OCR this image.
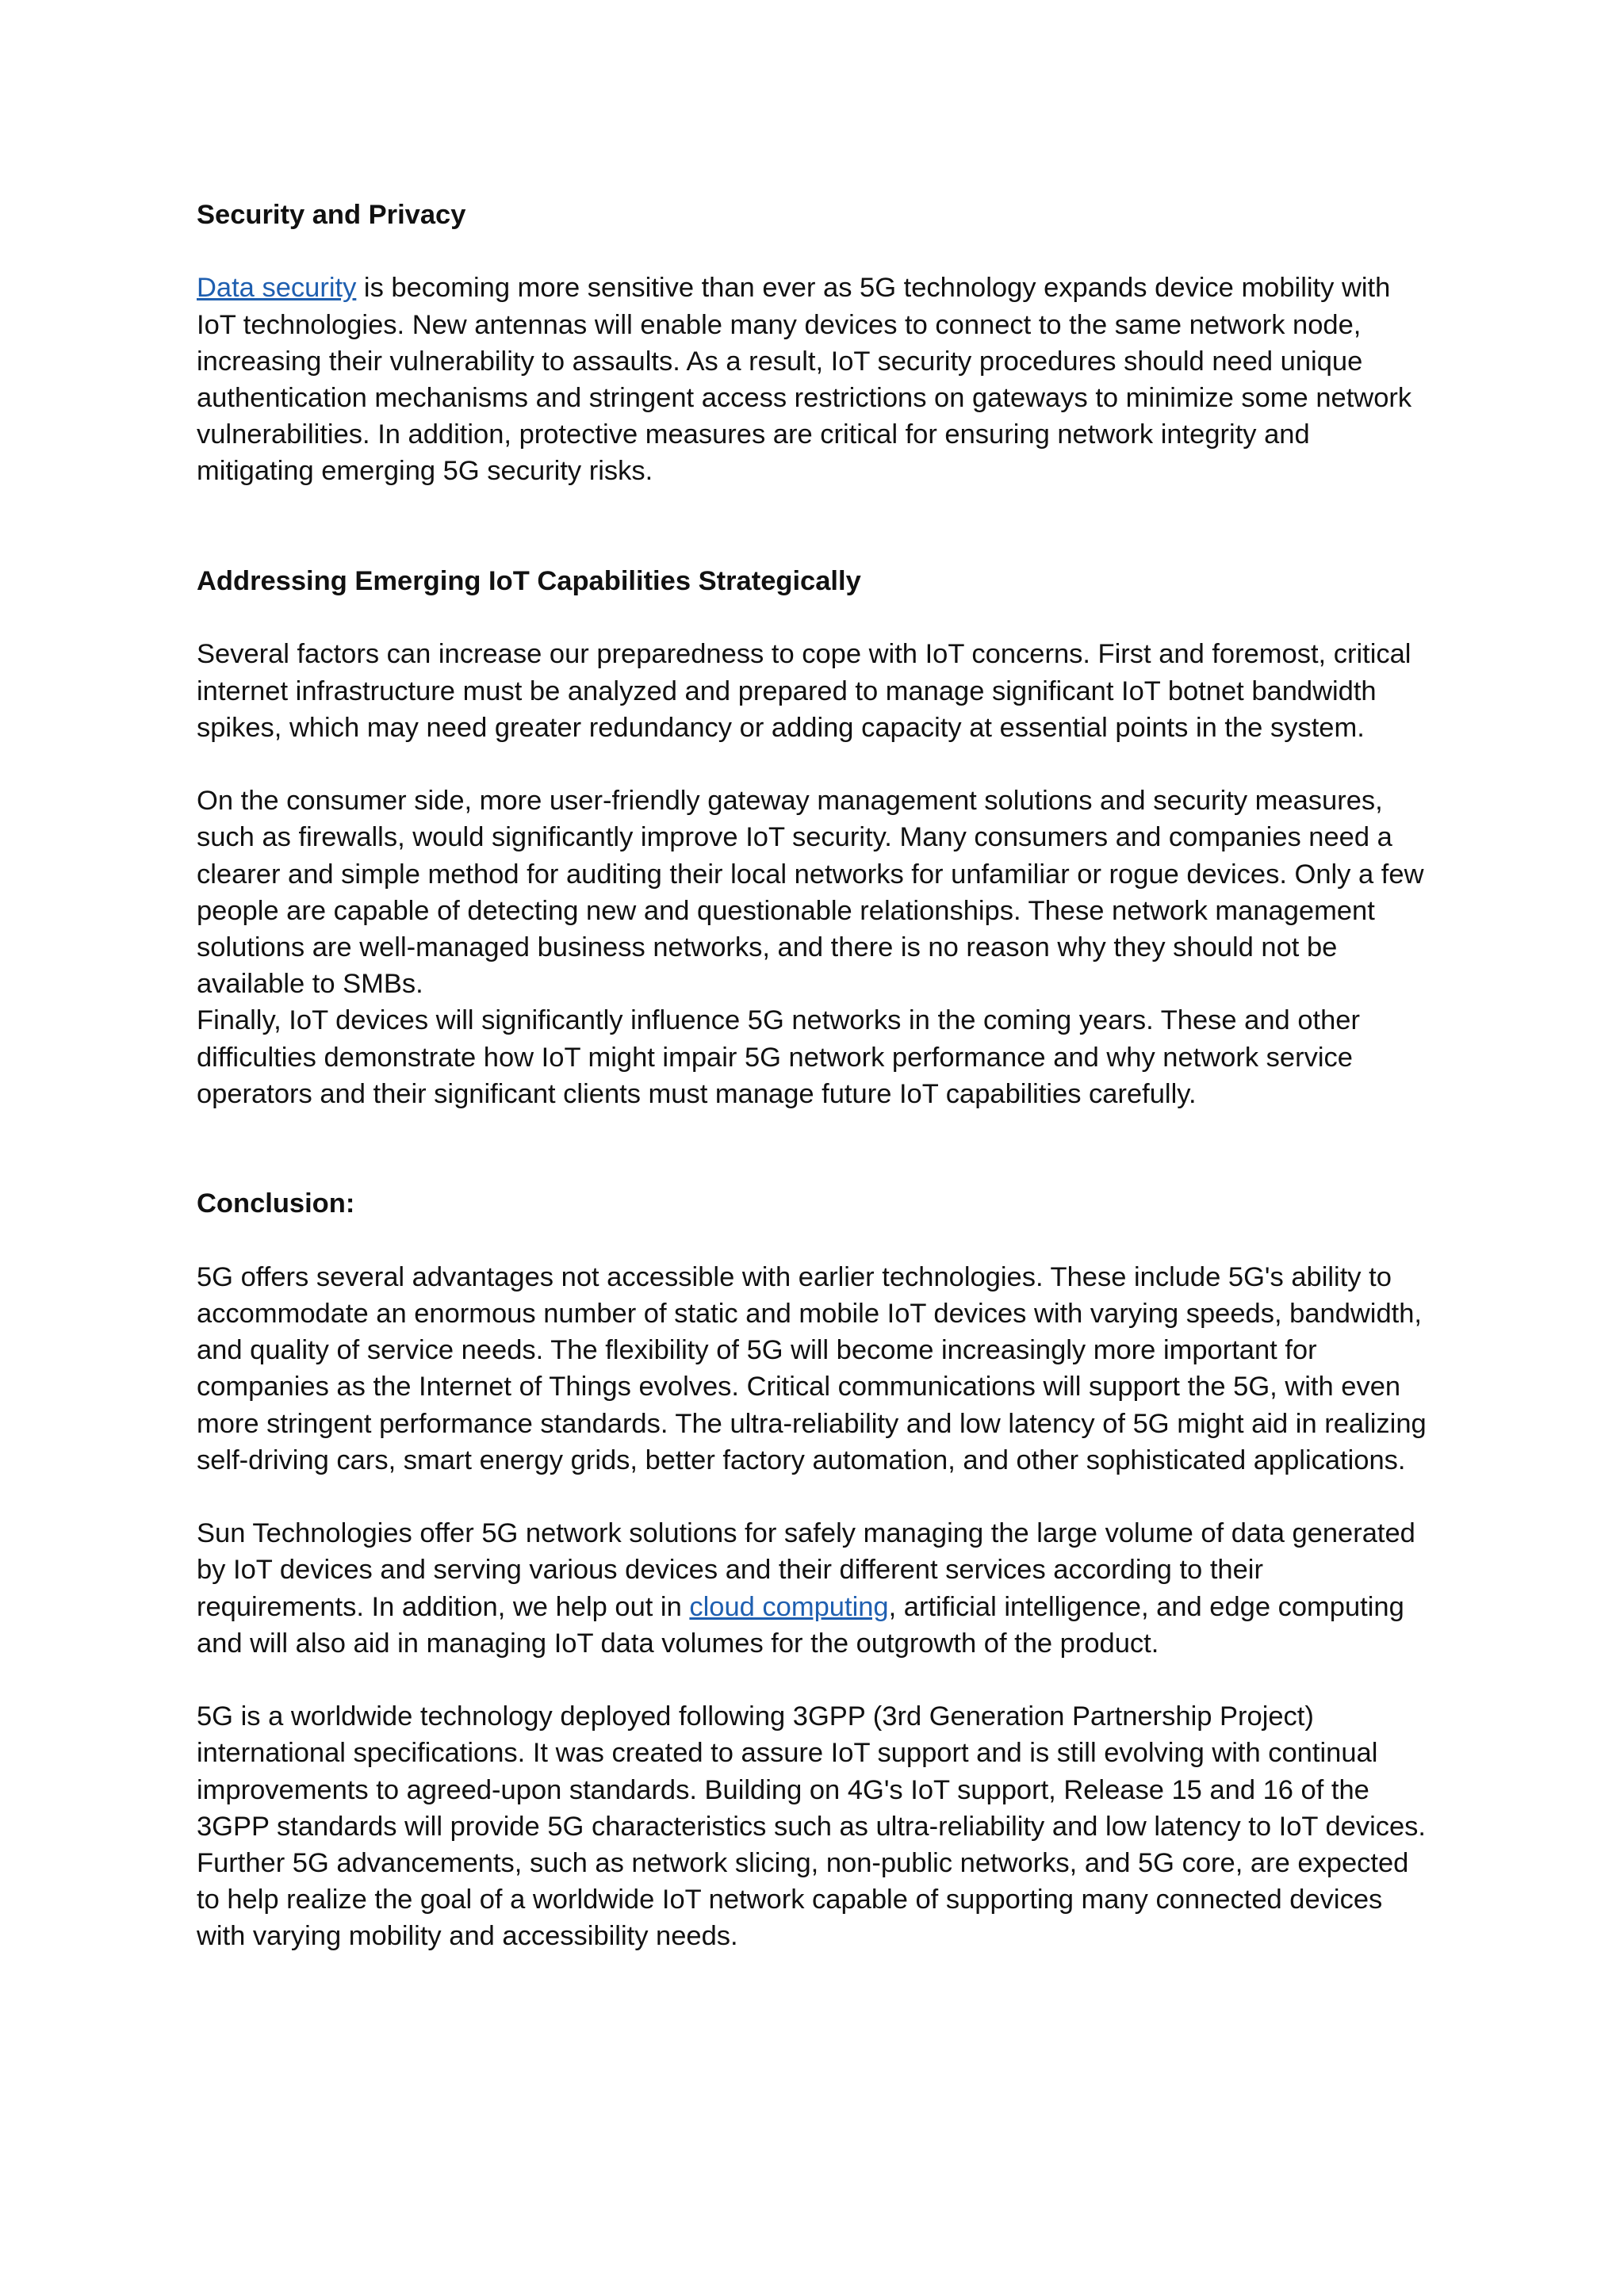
Security and Privacy

Data security is becoming more sensitive than ever as 5G technology expands device mobility with IoT technologies. New antennas will enable many devices to connect to the same network node, increasing their vulnerability to assaults. As a result, IoT security procedures should need unique authentication mechanisms and stringent access restrictions on gateways to minimize some network vulnerabilities. In addition, protective measures are critical for ensuring network integrity and mitigating emerging 5G security risks.

Addressing Emerging IoT Capabilities Strategically

Several factors can increase our preparedness to cope with IoT concerns. First and foremost, critical internet infrastructure must be analyzed and prepared to manage significant IoT botnet bandwidth spikes, which may need greater redundancy or adding capacity at essential points in the system.

On the consumer side, more user-friendly gateway management solutions and security measures, such as firewalls, would significantly improve IoT security. Many consumers and companies need a clearer and simple method for auditing their local networks for unfamiliar or rogue devices. Only a few people are capable of detecting new and questionable relationships. These network management solutions are well-managed business networks, and there is no reason why they should not be available to SMBs.

Finally, IoT devices will significantly influence 5G networks in the coming years. These and other difficulties demonstrate how IoT might impair 5G network performance and why network service operators and their significant clients must manage future IoT capabilities carefully.

Conclusion:

5G offers several advantages not accessible with earlier technologies. These include 5G's ability to accommodate an enormous number of static and mobile IoT devices with varying speeds, bandwidth, and quality of service needs. The flexibility of 5G will become increasingly more important for companies as the Internet of Things evolves. Critical communications will support the 5G, with even more stringent performance standards. The ultra-reliability and low latency of 5G might aid in realizing self-driving cars, smart energy grids, better factory automation, and other sophisticated applications.

Sun Technologies offer 5G network solutions for safely managing the large volume of data generated by IoT devices and serving various devices and their different services according to their requirements. In addition, we help out in cloud computing, artificial intelligence, and edge computing and will also aid in managing IoT data volumes for the outgrowth of the product.

5G is a worldwide technology deployed following 3GPP (3rd Generation Partnership Project) international specifications. It was created to assure IoT support and is still evolving with continual improvements to agreed-upon standards. Building on 4G's IoT support, Release 15 and 16 of the 3GPP standards will provide 5G characteristics such as ultra-reliability and low latency to IoT devices. Further 5G advancements, such as network slicing, non-public networks, and 5G core, are expected to help realize the goal of a worldwide IoT network capable of supporting many connected devices with varying mobility and accessibility needs.
